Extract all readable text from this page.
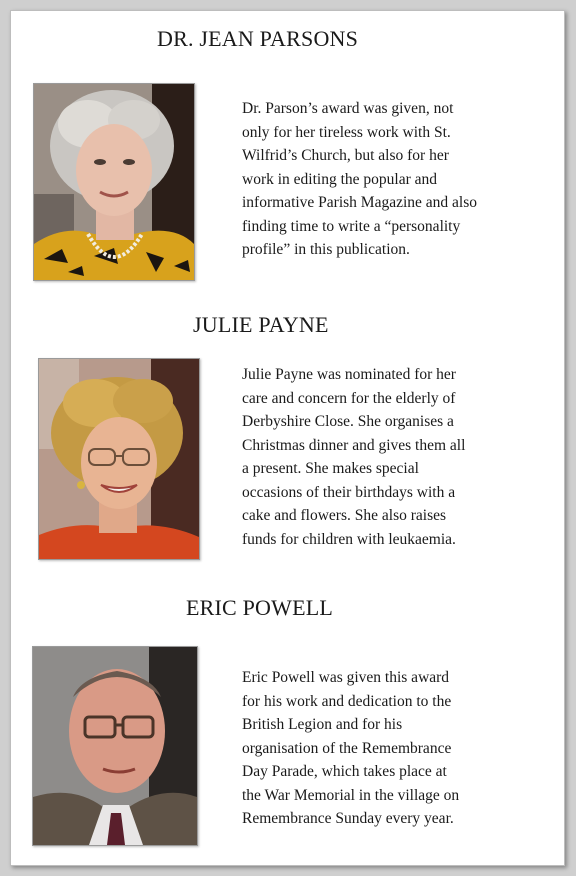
DR. JEAN PARSONS
Dr. Parson’s award was given, not
only for her tireless work with St.
Wilfrid’s Church, but also for her
work in editing the popular and
informative Parish Magazine and also
finding time to write a “personality
profile” in this publication.
JULIE PAYNE
Julie Payne was nominated for her
care and concern for the elderly of
Derbyshire Close. She organises a
Christmas dinner and gives them all
a present. She makes special
occasions of their birthdays with a
cake and flowers. She also raises
funds for children with leukaemia.
ERIC POWELL
Eric Powell was given this award
for his work and dedication to the
British Legion and for his
organisation of the Remembrance
Day Parade, which takes place at
the War Memorial in the village on
Remembrance Sunday every year.
